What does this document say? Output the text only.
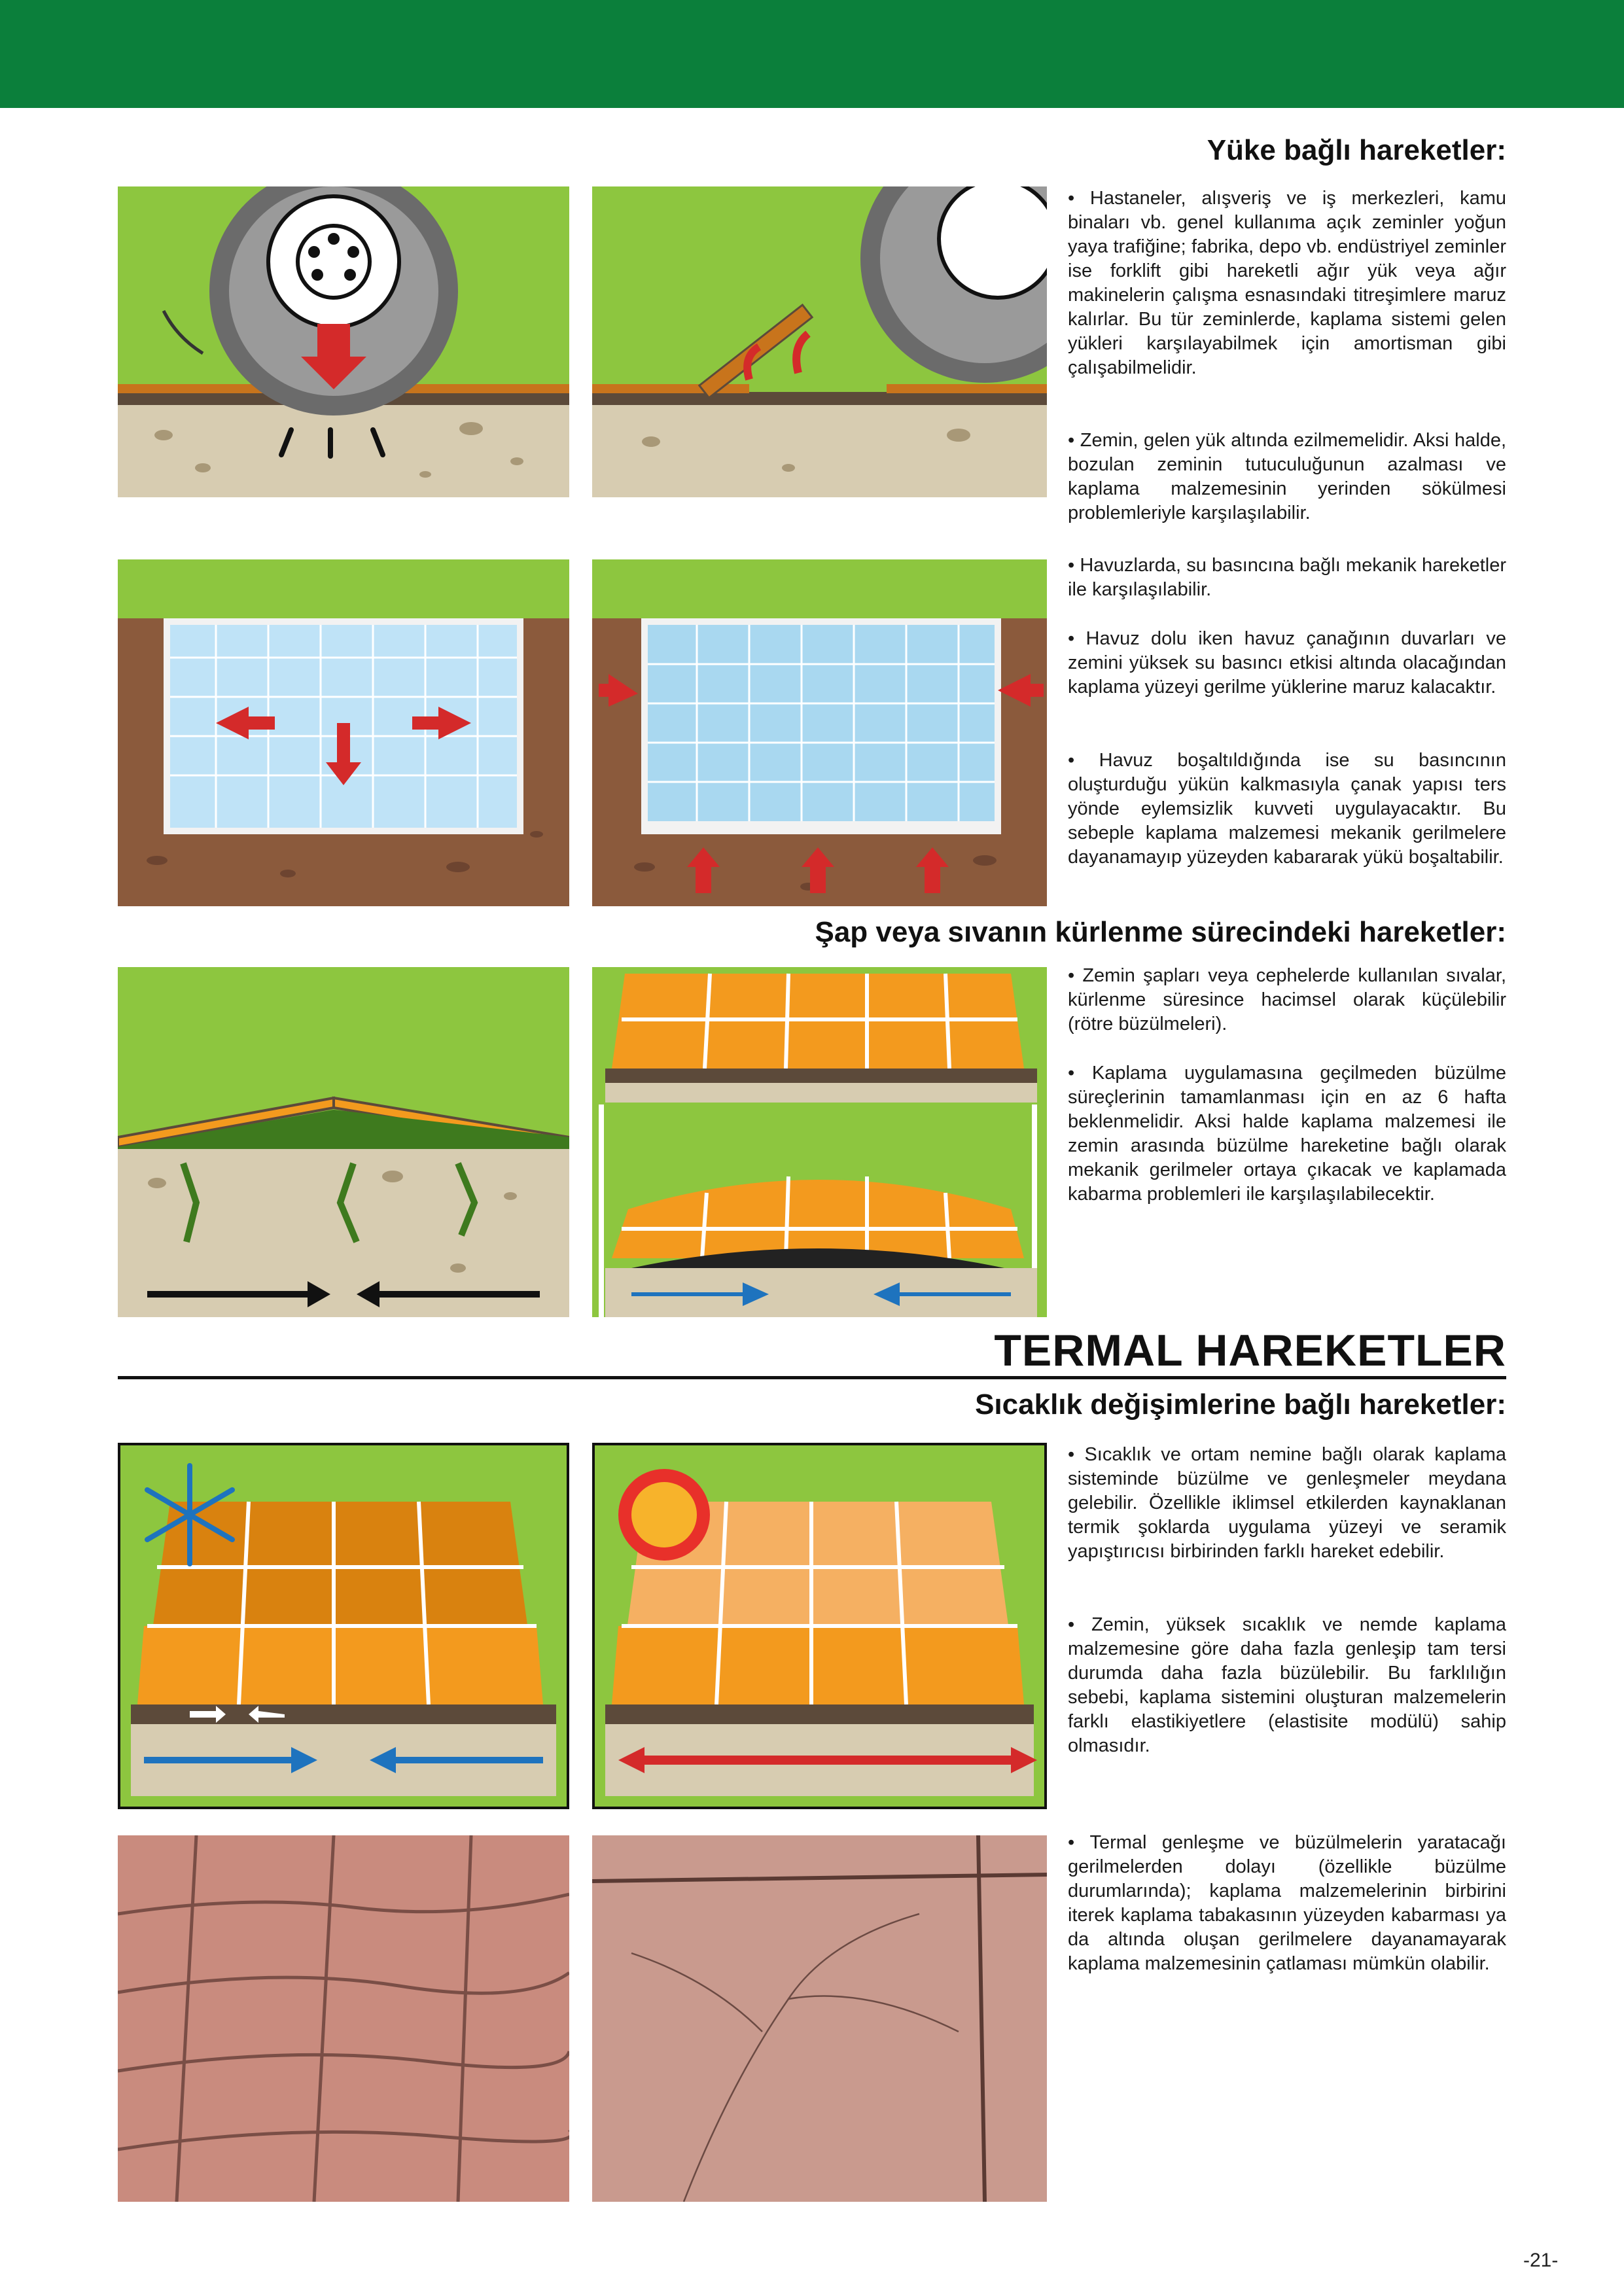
Yüke bağlı hareketler:

• Hastaneler, alışveriş ve iş merkezleri, kamu binaları vb. genel kullanıma açık zeminler yoğun yaya trafiğine; fabrika, depo vb. endüstriyel zeminler ise forklift gibi hareketli ağır yük veya ağır makinelerin çalışma esnasındaki titreşimlere maruz kalırlar. Bu tür zeminlerde, kaplama sistemi gelen yükleri karşılayabilmek için amortisman gibi çalışabilmelidir.

• Zemin, gelen yük altında ezilmemelidir. Aksi halde, bozulan zeminin tutuculuğunun azalması ve kaplama malzemesinin yerinden sökülmesi problemleriyle karşılaşılabilir.

• Havuzlarda, su basıncına bağlı mekanik hareketler ile karşılaşılabilir.

• Havuz dolu iken havuz çanağının duvarları ve zemini yüksek su basıncı etkisi altında olacağından kaplama yüzeyi gerilme yüklerine maruz kalacaktır.

• Havuz boşaltıldığında ise su basıncının oluşturduğu yükün kalkmasıyla çanak yapısı ters yönde eylemsizlik kuvveti uygulayacaktır. Bu sebeple kaplama malzemesi mekanik gerilmelere dayanamayıp yüzeyden kabararak yükü boşaltabilir.

Şap veya sıvanın kürlenme sürecindeki hareketler:

• Zemin şapları veya cephelerde kullanılan sıvalar, kürlenme süresince hacimsel olarak küçülebilir (rötre büzülmeleri).

• Kaplama uygulamasına geçilmeden büzülme süreçlerinin tamamlanması için en az 6 hafta beklenmelidir. Aksi halde kaplama malzemesi ile zemin arasında büzülme hareketine bağlı olarak mekanik gerilmeler ortaya çıkacak ve kaplamada kabarma problemleri ile karşılaşılabilecektir.

TERMAL HAREKETLER
Sıcaklık değişimlerine bağlı hareketler:

• Sıcaklık ve ortam nemine bağlı olarak kaplama sisteminde büzülme ve genleşmeler meydana gelebilir. Özellikle iklimsel etkilerden kaynaklanan termik şoklarda uygulama yüzeyi ve seramik yapıştırıcısı birbirinden farklı hareket edebilir.

• Zemin, yüksek sıcaklık ve nemde kaplama malzemesine göre daha fazla genleşip tam tersi durumda daha fazla büzülebilir. Bu farklılığın sebebi, kaplama sistemini oluşturan malzemelerin farklı elastikiyetlere (elastisite modülü) sahip olmasıdır.

• Termal genleşme ve büzülmelerin yaratacağı gerilmelerden dolayı (özellikle büzülme durumlarında); kaplama malzemelerinin birbirini iterek kaplama tabakasının yüzeyden kabarması ya da altında oluşan gerilmelere dayanamayarak kaplama malzemesinin çatlaması mümkün olabilir.

-21-
